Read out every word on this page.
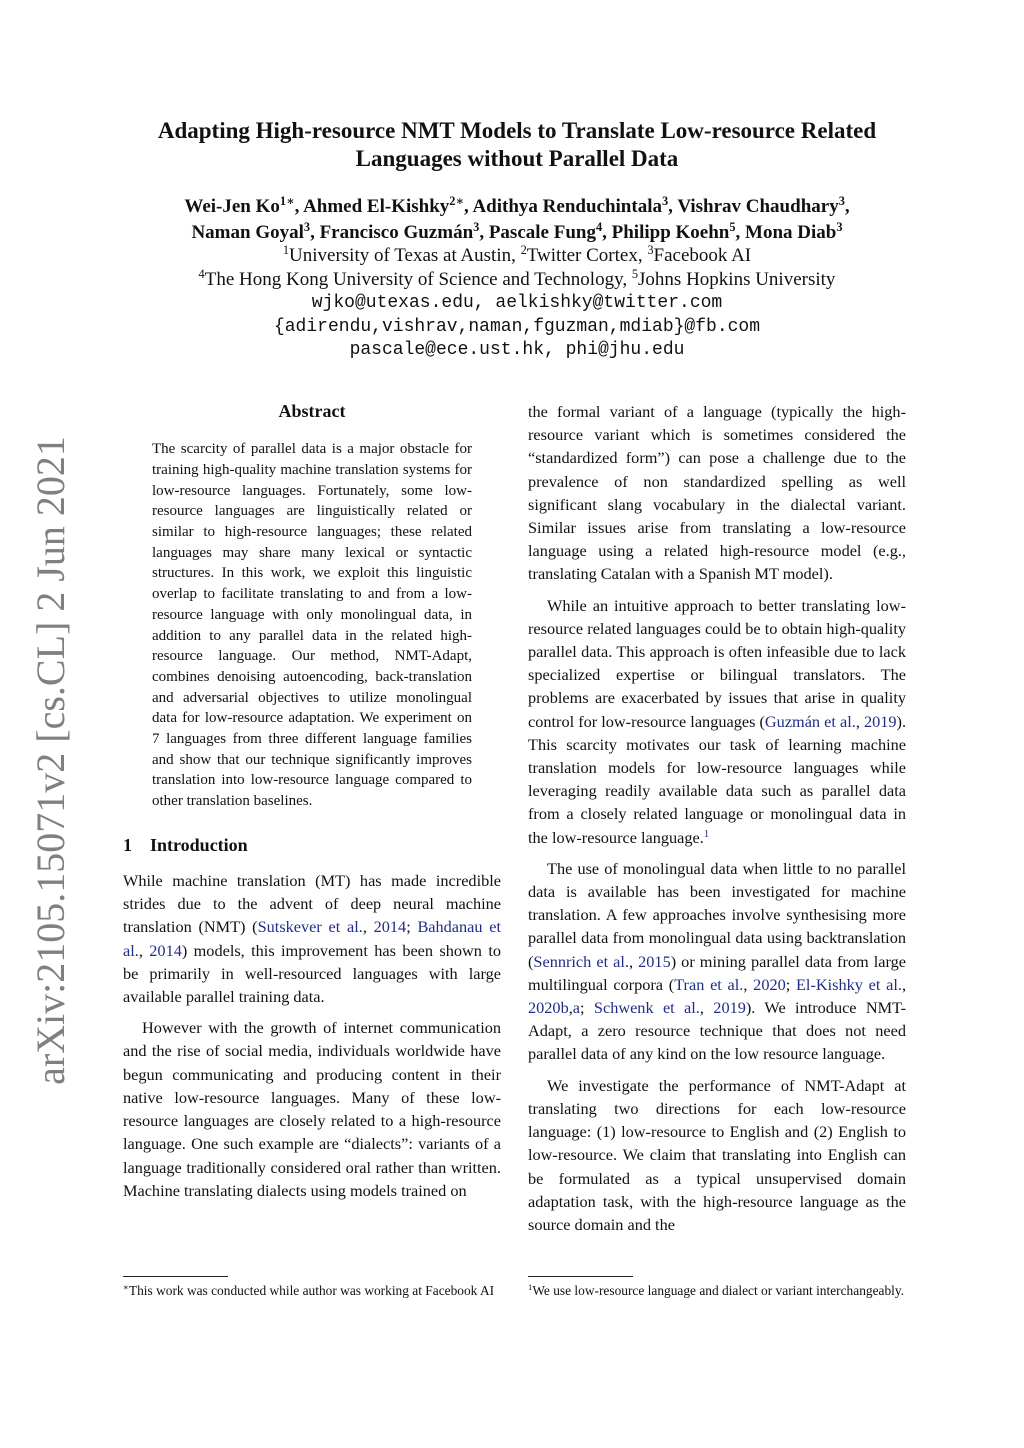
arXiv:2105.15071v2 [cs.CL] 2 Jun 2021
Adapting High-resource NMT Models to Translate Low-resource Related
Languages without Parallel Data
Wei-Jen $Ko^{1∗}$, Ahmed El-Kishky$^{2∗}$, Adithya Renduchintala$^3$, Vishrav Chaudhary$^3$,
Naman Goyal$^3$, Francisco Guzmán$^3$, Pascale Fung$^4$, Philipp Koehn$^5$, Mona Diab$^3$
$^1$University of Texas at Austin, $^2$Twitter Cortex, $^3$Facebook AI
$^4$The Hong Kong University of Science and Technology, $^5$Johns Hopkins University
wjko@utexas.edu, aelkishky@twitter.com
{adirendu,vishrav,naman,fguzman,mdiab}@fb.com
pascale@ece.ust.hk, phi@jhu.edu
Abstract

The scarcity of parallel data is a major obstacle for training high-quality machine translation systems for low-resource languages. Fortunately, some low-resource languages are linguistically related or similar to high-resource languages; these related languages may share many lexical or syntactic structures. In this work, we exploit this linguistic overlap to facilitate translating to and from a low-resource language with only monolingual data, in addition to any parallel data in the related high-resource language. Our method, NMT-Adapt, combines denoising autoencoding, back-translation and adversarial objectives to utilize monolingual data for low-resource adaptation. We experiment on 7 languages from three different language families and show that our technique significantly improves translation into low-resource language compared to other translation baselines.

1 Introduction

While machine translation (MT) has made incredible strides due to the advent of deep neural machine translation (NMT) (Sutskever et al., 2014; Bahdanau et al., 2014) models, this improvement has been shown to be primarily in well-resourced languages with large available parallel training data.

However with the growth of internet communication and the rise of social media, individuals worldwide have begun communicating and producing content in their native low-resource languages. Many of these low-resource languages are closely related to a high-resource language. One such example are “dialects”: variants of a language traditionally considered oral rather than written. Machine translating dialects using models trained on

the formal variant of a language (typically the high-resource variant which is sometimes considered the “standardized form”) can pose a challenge due to the prevalence of non standardized spelling as well significant slang vocabulary in the dialectal variant. Similar issues arise from translating a low-resource language using a related high-resource model (e.g., translating Catalan with a Spanish MT model).

While an intuitive approach to better translating low-resource related languages could be to obtain high-quality parallel data. This approach is often infeasible due to lack specialized expertise or bilingual translators. The problems are exacerbated by issues that arise in quality control for low-resource languages (Guzmán et al., 2019). This scarcity motivates our task of learning machine translation models for low-resource languages while leveraging readily available data such as parallel data from a closely related language or monolingual data in the low-resource language.$^1$

The use of monolingual data when little to no parallel data is available has been investigated for machine translation. A few approaches involve synthesising more parallel data from monolingual data using backtranslation (Sennrich et al., 2015) or mining parallel data from large multilingual corpora (Tran et al., 2020; El-Kishky et al., 2020b,a; Schwenk et al., 2019). We introduce NMT-Adapt, a zero resource technique that does not need parallel data of any kind on the low resource language.

We investigate the performance of NMT-Adapt at translating two directions for each low-resource language: (1) low-resource to English and (2) English to low-resource. We claim that translating into English can be formulated as a typical unsupervised domain adaptation task, with the high-resource language as the source domain and the

∗This work was conducted while author was working at Facebook AI	$^1$We use low-resource language and dialect or variant interchangeably.
